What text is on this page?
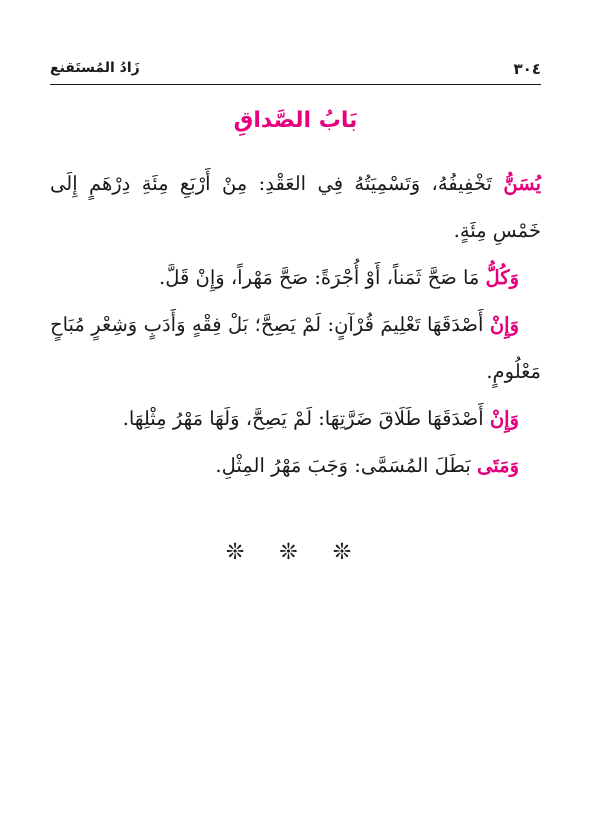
٣٠٤
زَادُ المُستَقنع
بَابُ الصَّداقِ

يُسَنُّ تَخْفِيفُهُ، وَتَسْمِيَتُهُ فِي العَقْدِ: مِنْ أَرْبَعِ مِئَةِ دِرْهَمٍ إِلَى خَمْسِ مِئَةٍ.

وَكُلُّ مَا صَحَّ ثَمَناً، أَوْ أُجْرَةً: صَحَّ مَهْراً، وَإِنْ قَلَّ.

وَإِنْ أَصْدَقَهَا تَعْلِيمَ قُرْآنٍ: لَمْ يَصِحَّ؛ بَلْ فِقْهٍ وَأَدَبٍ وَشِعْرٍ مُبَاحٍ مَعْلُومٍ.

وَإِنْ أَصْدَقَهَا طَلَاقَ ضَرَّتِهَا: لَمْ يَصِحَّ، وَلَهَا مَهْرُ مِثْلِهَا.

وَمَتَى بَطَلَ المُسَمَّى: وَجَبَ مَهْرُ المِثْلِ.

❊ ❊ ❊
